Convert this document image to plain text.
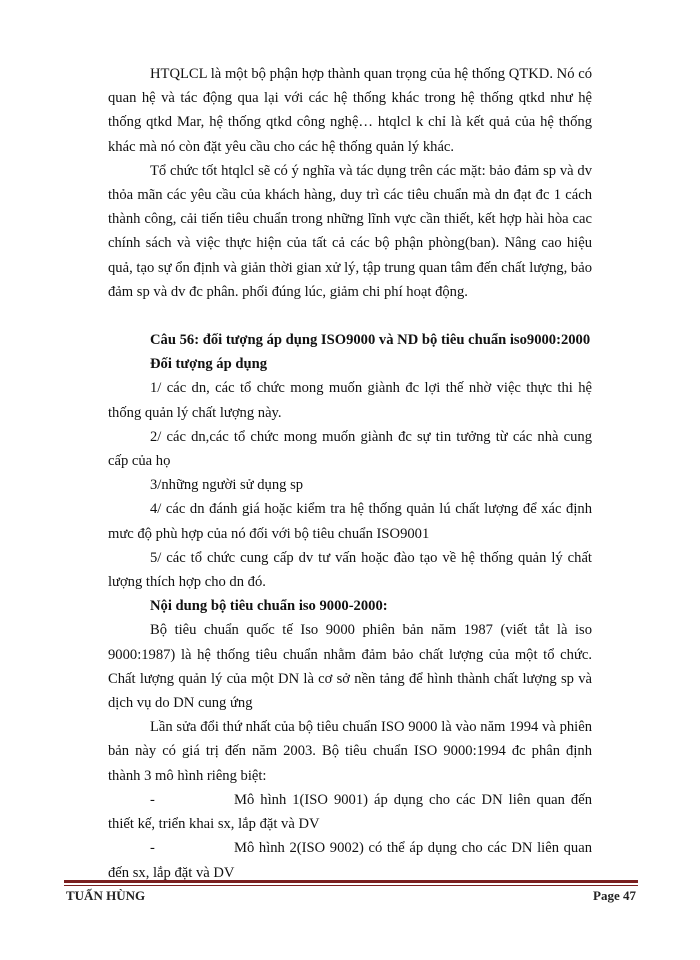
HTQLCL là một bộ phận hợp thành quan trọng của hệ thống QTKD. Nó có quan hệ và tác động qua lại với các hệ thống khác trong hệ thống qtkd như hệ thống qtkd Mar, hệ thống qtkd công nghệ… htqlcl k chỉ là kết quả của hệ thống khác mà nó còn đặt yêu cầu cho các hệ thống quản lý khác.

Tổ chức tốt htqlcl sẽ có ý nghĩa và tác dụng trên các mặt: bảo đảm sp và dv thỏa mãn các yêu cầu của khách hàng, duy trì các tiêu chuẩn mà dn đạt đc 1 cách thành công, cải tiến tiêu chuẩn trong những lĩnh vực cần thiết, kết hợp hài hòa cac chính sách và việc thực hiện của tất cả các bộ phận phòng(ban). Nâng cao hiệu quả, tạo sự ổn định và giản thời gian xử lý, tập trung quan tâm đến chất lượng, bảo đảm sp và dv đc phân. phối đúng lúc, giảm chi phí hoạt động.

Câu 56: đối tượng áp dụng ISO9000 và ND bộ tiêu chuẩn iso9000:2000

Đối tượng áp dụng

1/ các dn, các tổ chức mong muốn giành đc lợi thế nhờ việc thực thi hệ thống quản lý chất lượng này.

2/ các dn,các tổ chức mong muốn giành đc sự tin tưởng từ các nhà cung cấp của họ

3/những người sử dụng sp

4/ các dn đánh giá hoặc kiểm tra hệ thống quản lú chất lượng để xác định mưc độ phù hợp của nó đối với bộ tiêu chuẩn ISO9001

5/ các tổ chức cung cấp dv tư vấn hoặc đào tạo về hệ thống quản lý chất lượng thích hợp cho dn đó.

Nội dung bộ tiêu chuẩn iso 9000-2000:

Bộ tiêu chuẩn quốc tế Iso 9000 phiên bản năm 1987 (viết tắt là iso 9000:1987) là hệ thống tiêu chuẩn nhằm đảm bảo chất lượng của một tổ chức. Chất lượng quản lý của một DN là cơ sở nền tảng để hình thành chất lượng sp và dịch vụ do DN cung ứng

Lần sửa đổi thứ nhất của bộ tiêu chuẩn ISO 9000 là vào năm 1994 và phiên bản này có giá trị đến năm 2003. Bộ tiêu chuẩn ISO 9000:1994 đc phân định thành 3 mô hình riêng biệt:

-	Mô hình 1(ISO 9001) áp dụng cho các DN liên quan đến thiết kế, triển khai sx, lắp đặt và DV

-	Mô hình 2(ISO 9002) có thể áp dụng cho các DN liên quan đến sx, lắp đặt và DV

TUẤN HÙNG	Page 47
